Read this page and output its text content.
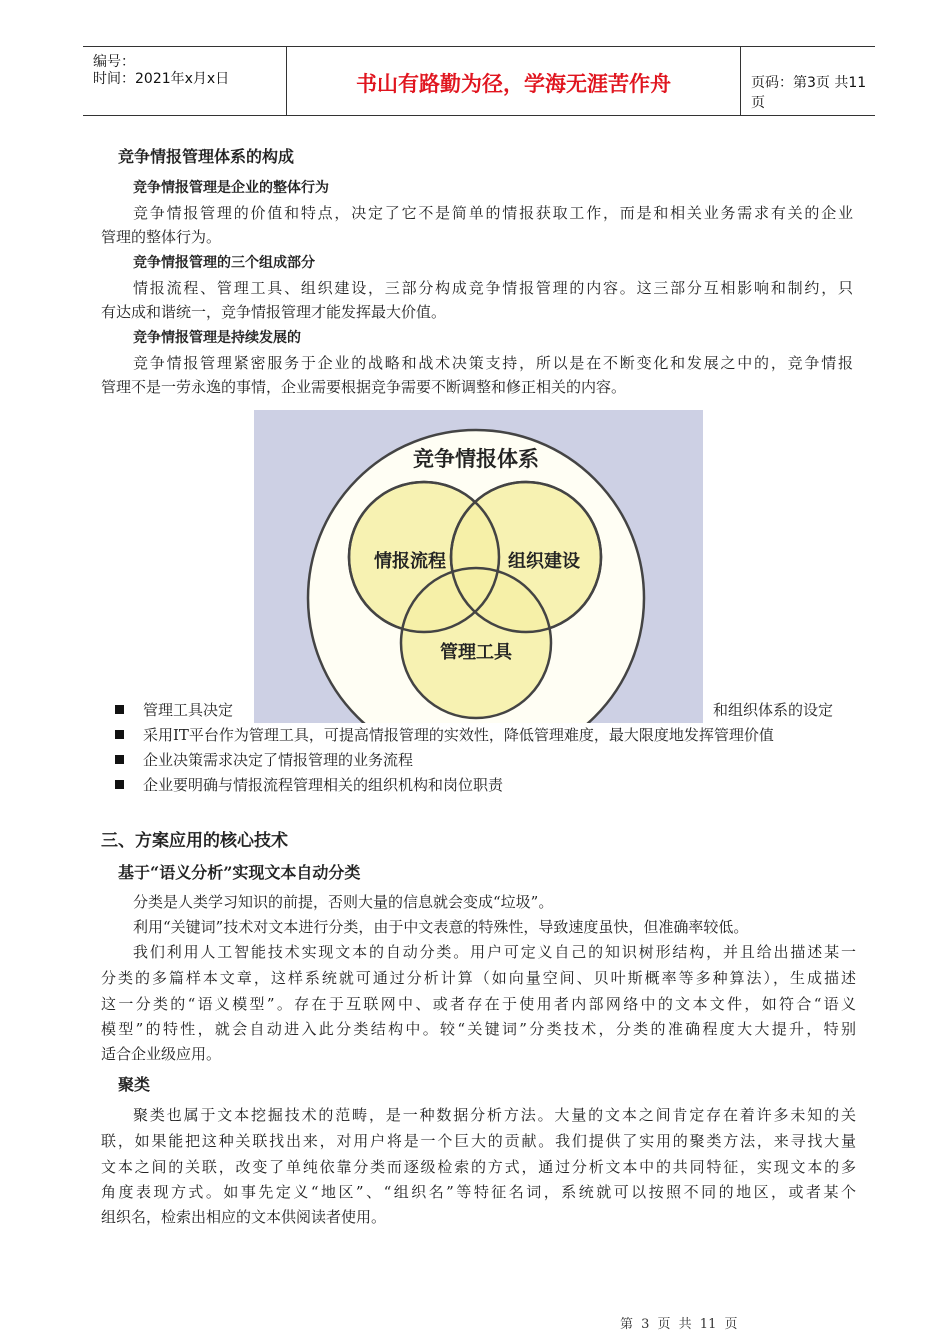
编号：
时间：2021年x月x日	书山有路勤为径，学海无涯苦作舟	页码：第3页 共11页
竞争情报管理体系的构成
竞争情报管理是企业的整体行为
竞争情报管理的价值和特点，决定了它不是简单的情报获取工作，而是和相关业务需求有关的企业
管理的整体行为。
竞争情报管理的三个组成部分
情报流程、管理工具、组织建设，三部分构成竞争情报管理的内容。这三部分互相影响和制约，只
有达成和谐统一，竞争情报管理才能发挥最大价值。
竞争情报管理是持续发展的
竞争情报管理紧密服务于企业的战略和战术决策支持，所以是在不断变化和发展之中的，竞争情报
管理不是一劳永逸的事情，企业需要根据竞争需要不断调整和修正相关的内容。
管理工具决定	和组织体系的设定
采用IT平台作为管理工具，可提高情报管理的实效性，降低管理难度，最大限度地发挥管理价值
企业决策需求决定了情报管理的业务流程
企业要明确与情报流程管理相关的组织机构和岗位职责
竞争情报体系
情报流程	组织建设
管理工具
三、方案应用的核心技术
基于“语义分析”实现文本自动分类
分类是人类学习知识的前提，否则大量的信息就会变成“垃圾”。
利用“关键词”技术对文本进行分类，由于中文表意的特殊性，导致速度虽快，但准确率较低。
我们利用人工智能技术实现文本的自动分类。用户可定义自己的知识树形结构，并且给出描述某一
分类的多篇样本文章，这样系统就可通过分析计算（如向量空间、贝叶斯概率等多种算法），生成描述
这一分类的“语义模型”。存在于互联网中、或者存在于使用者内部网络中的文本文件，如符合“语义
模型”的特性，就会自动进入此分类结构中。较“关键词”分类技术，分类的准确程度大大提升，特别
适合企业级应用。
聚类
聚类也属于文本挖掘技术的范畴，是一种数据分析方法。大量的文本之间肯定存在着许多未知的关
联，如果能把这种关联找出来，对用户将是一个巨大的贡献。我们提供了实用的聚类方法，来寻找大量
文本之间的关联，改变了单纯依靠分类而逐级检索的方式，通过分析文本中的共同特征，实现文本的多
角度表现方式。如事先定义“地区”、“组织名”等特征名词，系统就可以按照不同的地区，或者某个
组织名，检索出相应的文本供阅读者使用。
第 3 页 共 11 页
